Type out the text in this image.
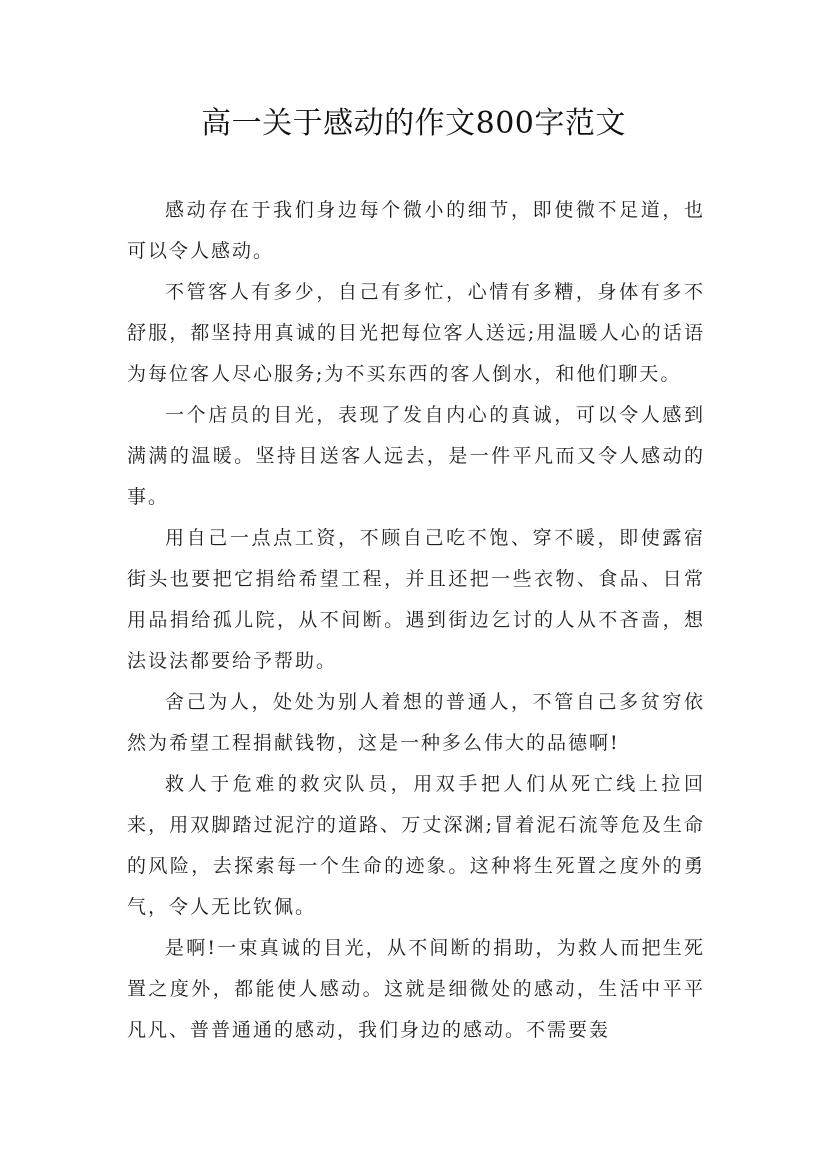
高一关于感动的作文800字范文

感动存在于我们身边每个微小的细节，即使微不足道，也可以令人感动。

不管客人有多少，自己有多忙，心情有多糟，身体有多不舒服，都坚持用真诚的目光把每位客人送远;用温暖人心的话语为每位客人尽心服务;为不买东西的客人倒水，和他们聊天。

一个店员的目光，表现了发自内心的真诚，可以令人感到满满的温暖。坚持目送客人远去，是一件平凡而又令人感动的事。

用自己一点点工资，不顾自己吃不饱、穿不暖，即使露宿街头也要把它捐给希望工程，并且还把一些衣物、食品、日常用品捐给孤儿院，从不间断。遇到街边乞讨的人从不吝啬，想法设法都要给予帮助。

舍己为人，处处为别人着想的普通人，不管自己多贫穷依然为希望工程捐献钱物，这是一种多么伟大的品德啊!

救人于危难的救灾队员，用双手把人们从死亡线上拉回来，用双脚踏过泥泞的道路、万丈深渊;冒着泥石流等危及生命的风险，去探索每一个生命的迹象。这种将生死置之度外的勇气，令人无比钦佩。

是啊!一束真诚的目光，从不间断的捐助，为救人而把生死置之度外，都能使人感动。这就是细微处的感动，生活中平平凡凡、普普通通的感动，我们身边的感动。不需要轰
